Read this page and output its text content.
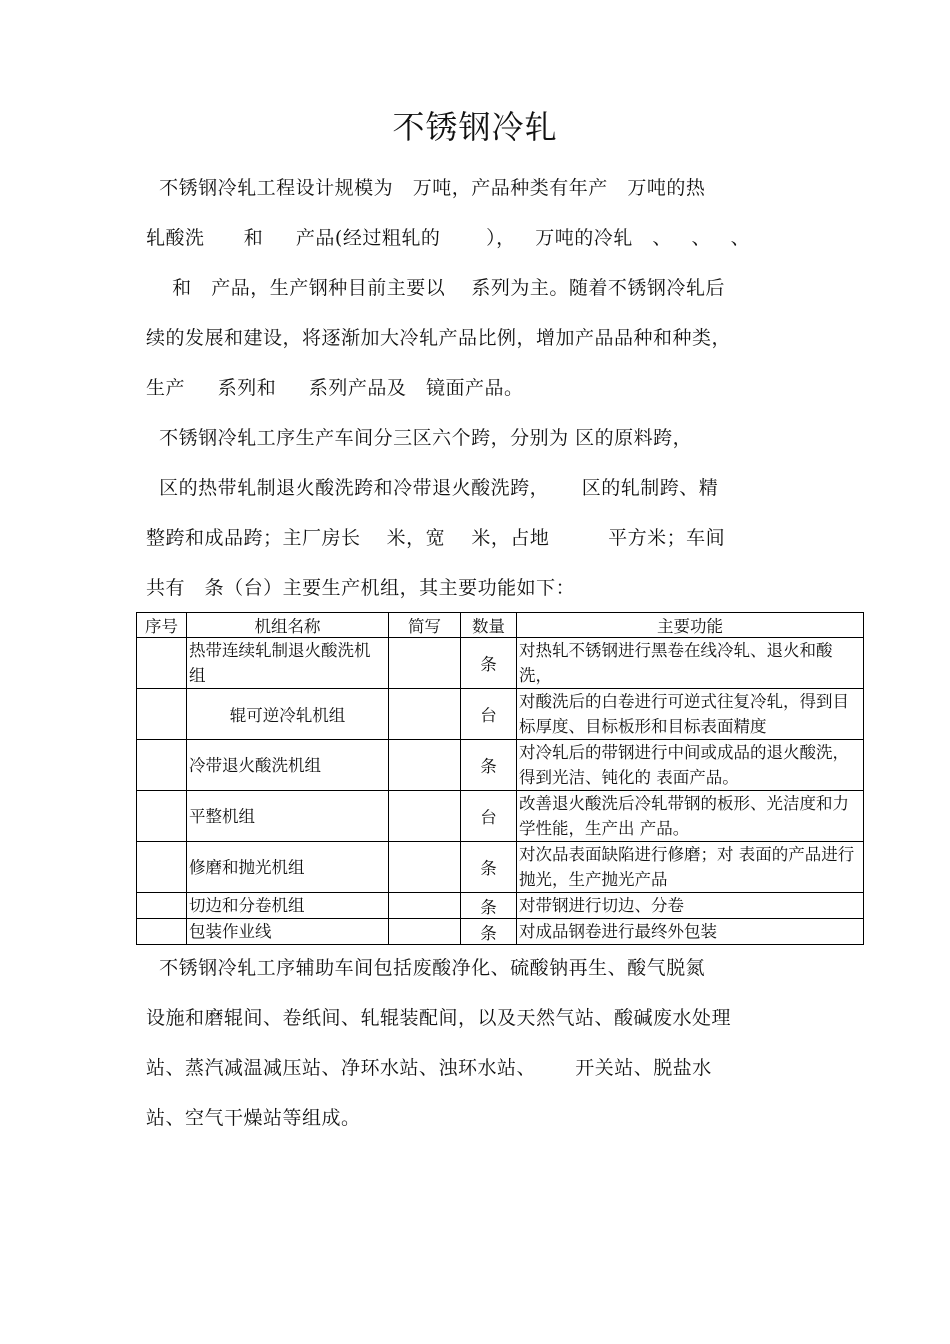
不锈钢冷轧
不锈钢冷轧工程设计规模为   万吨，产品种类有年产   万吨的热
轧酸洗      和     产品(经过粗轧的       ），   万吨的冷轧   、   、   、
和   产品，生产钢种目前主要以    系列为主。随着不锈钢冷轧后
续的发展和建设，将逐渐加大冷轧产品比例，增加产品品种和种类，
生产     系列和     系列产品及   镜面产品。
不锈钢冷轧工序生产车间分三区六个跨，分别为 区的原料跨，
区的热带轧制退火酸洗跨和冷带退火酸洗跨，     区的轧制跨、精
整跨和成品跨；主厂房长    米，宽    米，占地         平方米；车间
共有   条（台）主要生产机组，其主要功能如下：
序号	机组名称	简写	数量	主要功能
	热带连续轧制退火酸洗机组		条	对热轧不锈钢进行黑卷在线冷轧、退火和酸洗，
	辊可逆冷轧机组		台	对酸洗后的白卷进行可逆式往复冷轧，得到目标厚度、目标板形和目标表面精度
	冷带退火酸洗机组		条	对冷轧后的带钢进行中间或成品的退火酸洗，得到光洁、钝化的 表面产品。
	平整机组		台	改善退火酸洗后冷轧带钢的板形、光洁度和力学性能，生产出 产品。
	修磨和抛光机组		条	对次品表面缺陷进行修磨；对 表面的产品进行抛光，生产抛光产品
	切边和分卷机组		条	对带钢进行切边、分卷
	包装作业线		条	对成品钢卷进行最终外包装
不锈钢冷轧工序辅助车间包括废酸净化、硫酸钠再生、酸气脱氮
设施和磨辊间、卷纸间、轧辊装配间，以及天然气站、酸碱废水处理
站、蒸汽减温减压站、净环水站、浊环水站、      开关站、脱盐水
站、空气干燥站等组成。
